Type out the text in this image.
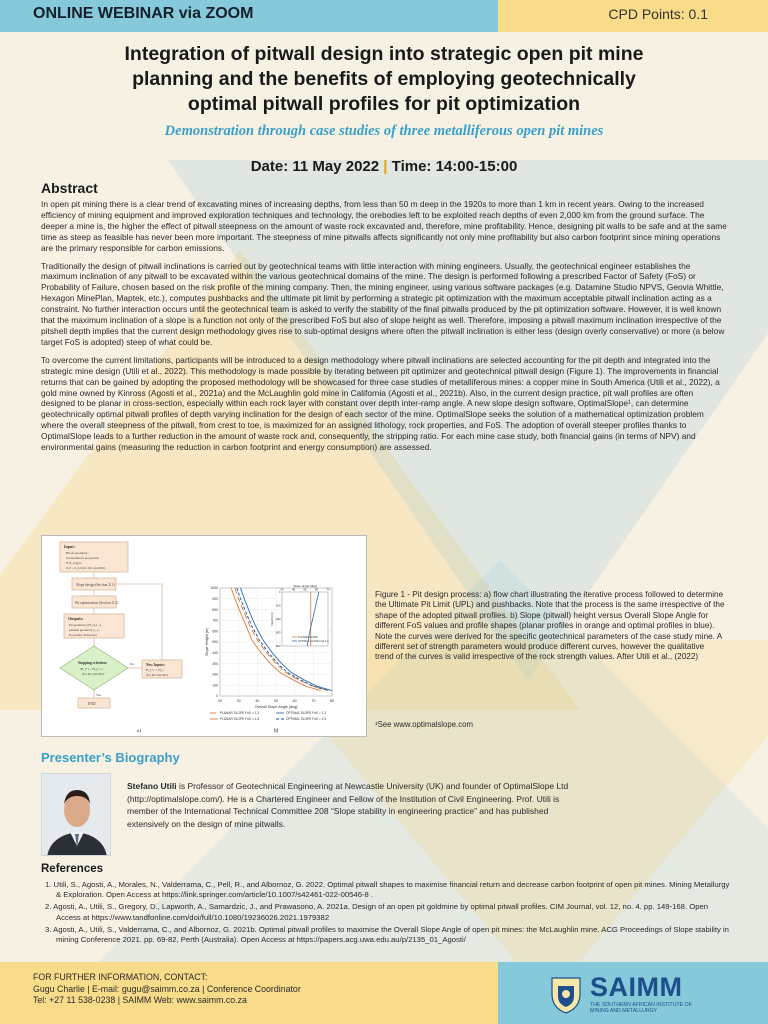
ONLINE WEBINAR via ZOOM	CPD Points: 0.1
Integration of pitwall design into strategic open pit mine
planning and the benefits of employing geotechnically
optimal pitwall profiles for pit optimization
Demonstration through case studies of three metalliferous open pit mines
Date: 11 May 2022 | Time: 14:00-15:00
Abstract

In open pit mining there is a clear trend of excavating mines of increasing depths, from less than 50 m deep in the 1920s to more than 1 km in recent years. Owing to the increased efficiency of mining equipment and improved exploration techniques and technology, the orebodies left to be exploited reach depths of even 2,000 km from the ground surface. The deeper a mine is, the higher the effect of pitwall steepness on the amount of waste rock excavated and, therefore, mine profitability. Hence, designing pit walls to be safe and at the same time as steep as feasible has never been more important. The steepness of mine pitwalls affects significantly not only mine profitability but also carbon footprint since mining operations are the primary responsible for carbon emissions.

Traditionally the design of pitwall inclinations is carried out by geotechnical teams with little interaction with mining engineers. Usually, the geotechnical engineer establishes the maximum inclination of any pitwall to be excavated within the various geotechnical domains of the mine. The design is performed following a prescribed Factor of Safety (FoS) or Probability of Failure, chosen based on the risk profile of the mining company. Then, the mining engineer, using various software packages (e.g. Datamine Studio NPVS, Geovia Whittle, Hexagon MinePlan, Maptek, etc.), computes pushbacks and the ultimate pit limit by performing a strategic pit optimization with the maximum acceptable pitwall inclination acting as a constraint. No further interaction occurs until the geotechnical team is asked to verify the stability of the final pitwalls produced by the pit optimization software. However, it is well known that the maximum inclination of a slope is a function not only of the prescribed FoS but also of slope height as well. Therefore, imposing a pitwall maximum inclination irrespective of the pitshell depth implies that the current design methodology gives rise to sub-optimal designs where often the pitwall inclination is either less (design overly conservative) or more (a below target FoS is adopted) steep of what could be.

To overcome the current limitations, participants will be introduced to a design methodology where pitwall inclinations are selected accounting for the pit depth and integrated into the strategic mine design (Utili et al., 2022). This methodology is made possible by iterating between pit optimizer and geotechnical pitwall design (Figure 1). The improvements in financial returns that can be gained by adopting the proposed methodology will be showcased for three case studies of metalliferous mines: a copper mine in South America (Utili et al., 2022), a gold mine owned by Kinross (Agosti et al., 2021a) and the McLaughlin gold mine in California (Agosti et al., 2021b). Also, in the current design practice, pit wall profiles are often designed to be planar in cross-section, especially within each rock layer with constant over depth inter-ramp angle. A new slope design software, OptimalSlope¹, can determine geotechnically optimal pitwall profiles of depth varying inclination for the design of each sector of the mine. OptimalSlope seeks the solution of a mathematical optimization problem where the overall steepness of the pitwall, from crest to toe, is maximized for an assigned lithology, rock properties, and FoS. The adoption of overall steeper profiles thanks to OptimalSlope leads to a further reduction in the amount of waste rock and, consequently, the stripping ratio. For each mine case study, both financial gains (in terms of NPV) and environmental gains (measuring the reduction in carbon footprint and energy consumption) are assessed.

Input:
Block geometry;
Geotechnical properties;
FoS_target;
θ_0 = θ_IA (for M1 and M2)
Slope design (Section X.1)
Pit optimization (Section X.2)
Outputs:
Pit geometry (H_i,j,i...)
pitshell geometry y_i...
Economic indicators
Stopping criterion:
|H_j+1 - H_j| < ε
(for M1 and M2)
No	New Inputs:
H_j+1 = H_j
(for M1 and M2)
Yes
END
a)
20	30	40	50	60	70	80
0
100
200
300
400
500
600
700
800
900
1000
Overall Slope Angle [deg]
Slope Height [m]
PLANAR SLOPE FoS = 1.3	OPTIMAL SLOPE FoS = 1.3
PLANAR SLOPE FoS = 1.5	OPTIMAL SLOPE FoS = 1.5
30	40	50	60	70
0
200
400
600
800
Slope angle [deg]
Depth [m]
PLANAR SLOPE
OPTIMAL SLOPE FoS 1.3
b)
Figure 1 - Pit design process: a) flow chart illustrating the iterative process followed to determine the Ultimate Pit Limit (UPL) and pushbacks. Note that the process is the same irrespective of the shape of the adopted pitwall profiles. b) Slope (pitwall) height versus Overall Slope Angle for different FoS values and profile shapes (planar profiles in orange and optimal profiles in blue). Note the curves were derived for the specific geotechnical parameters of the case study mine. A different set of strength parameters would produce different curves, however the qualitative trend of the curves is valid irrespective of the rock strength values. After Utili et al., (2022)
¹See www.optimalslope.com
Presenter’s Biography
Stefano Utili is Professor of Geotechnical Engineering at Newcastle University (UK) and founder of OptimalSlope Ltd (http://optimalslope.com/). He is a Chartered Engineer and Fellow of the Institution of Civil Engineering. Prof. Utili is member of the International Technical Committee 208 “Slope stability in engineering practice” and has published extensively on the design of mine pitwalls.
References
1. Utili, S., Agosti, A., Morales, N., Valderrama, C., Pell, R., and Albornoz, G. 2022. Optimal pitwall shapes to maximise financial return and decrease carbon footprint of open pit mines. Mining Metallurgy & Exploration. Open Access at https://link.springer.com/article/10.1007/s42461-022-00546-8 .
2. Agosti, A., Utili, S., Gregory, D., Lapworth, A., Samardzic, J., and Prawasono, A. 2021a. Design of an open pit goldmine by optimal pitwall profiles. CIM Journal, vol. 12, no. 4. pp. 149-168. Open Access at https://www.tandfonline.com/doi/full/10.1080/19236026.2021.1979382
3. Agosti, A., Utili, S., Valderrama, C., and Albornoz, G. 2021b. Optimal pitwall profiles to maximise the Overall Slope Angle of open pit mines: the McLaughlin mine. ACG Proceedings of Slope stability in mining Conference 2021. pp. 69-82, Perth (Australia). Open Access at https://papers.acg.uwa.edu.au/p/2135_01_Agosti/
FOR FURTHER INFORMATION, CONTACT:
Gugu Charlie | E-mail: gugu@saimm.co.za | Conference Coordinator
Tel: +27 11 538-0238 | SAIMM Web: www.saimm.co.za	SAIMM
THE SOUTHERN AFRICAN INSTITUTE OF MINING AND METALLURGY
